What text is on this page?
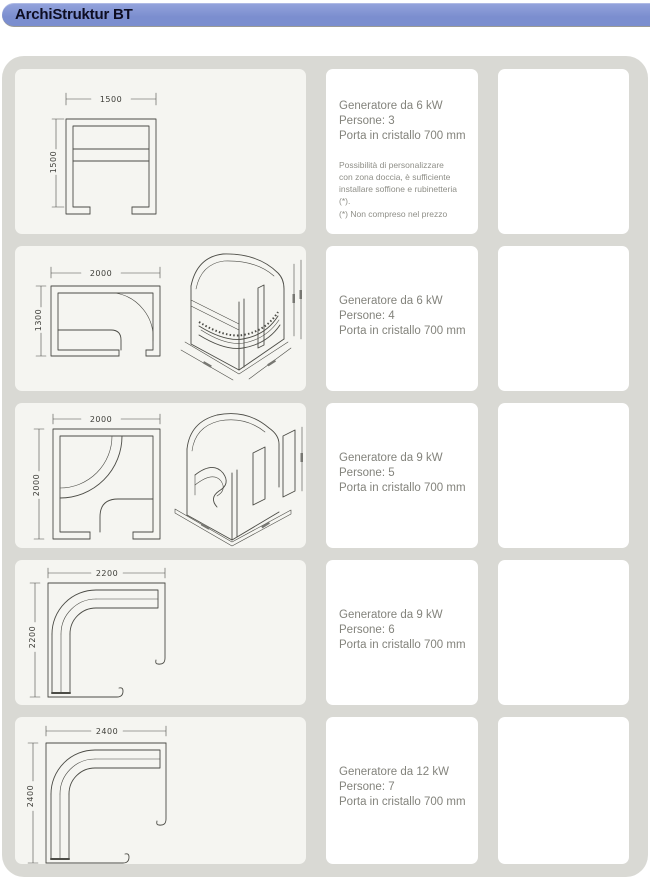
ArchiStruktur BT
1500
1500
Generatore da 6 kW
Persone: 3
Porta in cristallo 700 mm
Possibilità di personalizzare
con zona doccia, è sufficiente
installare soffione e rubinetteria (*).
(*) Non compreso nel prezzo
2000
1300
Generatore da 6 kW
Persone: 4
Porta in cristallo 700 mm
2000
2000
Generatore da 9 kW
Persone: 5
Porta in cristallo 700 mm
2200
2200
Generatore da 9 kW
Persone: 6
Porta in cristallo 700 mm
2400
2400
Generatore da 12 kW
Persone: 7
Porta in cristallo 700 mm
